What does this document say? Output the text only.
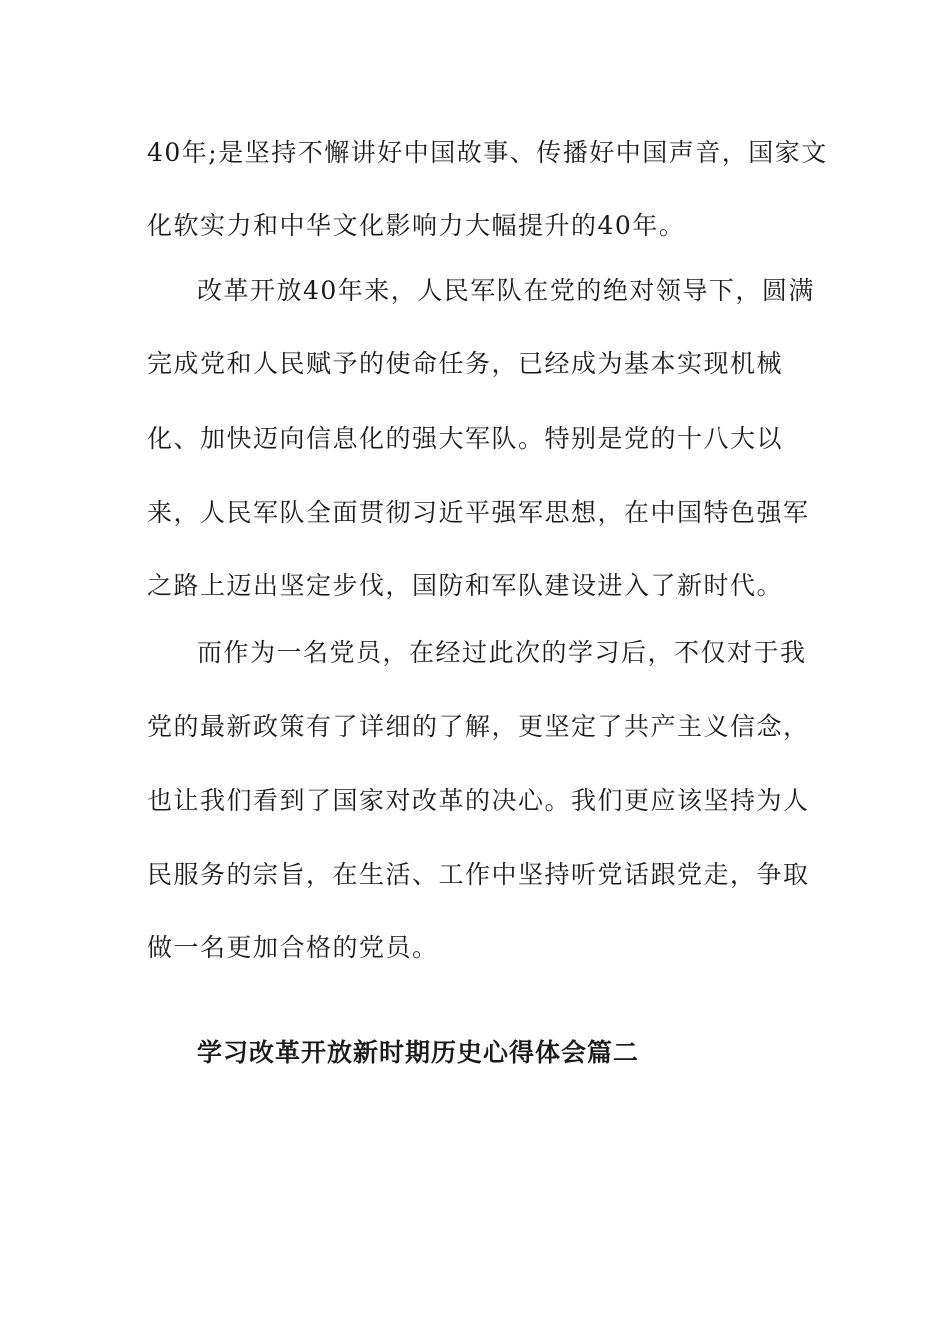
40年;是坚持不懈讲好中国故事、传播好中国声音，国家文
化软实力和中华文化影响力大幅提升的40年。
改革开放40年来，人民军队在党的绝对领导下，圆满
完成党和人民赋予的使命任务，已经成为基本实现机械
化、加快迈向信息化的强大军队。特别是党的十八大以
来，人民军队全面贯彻习近平强军思想，在中国特色强军
之路上迈出坚定步伐，国防和军队建设进入了新时代。
而作为一名党员，在经过此次的学习后，不仅对于我
党的最新政策有了详细的了解，更坚定了共产主义信念，
也让我们看到了国家对改革的决心。我们更应该坚持为人
民服务的宗旨，在生活、工作中坚持听党话跟党走，争取
做一名更加合格的党员。
学习改革开放新时期历史心得体会篇二
